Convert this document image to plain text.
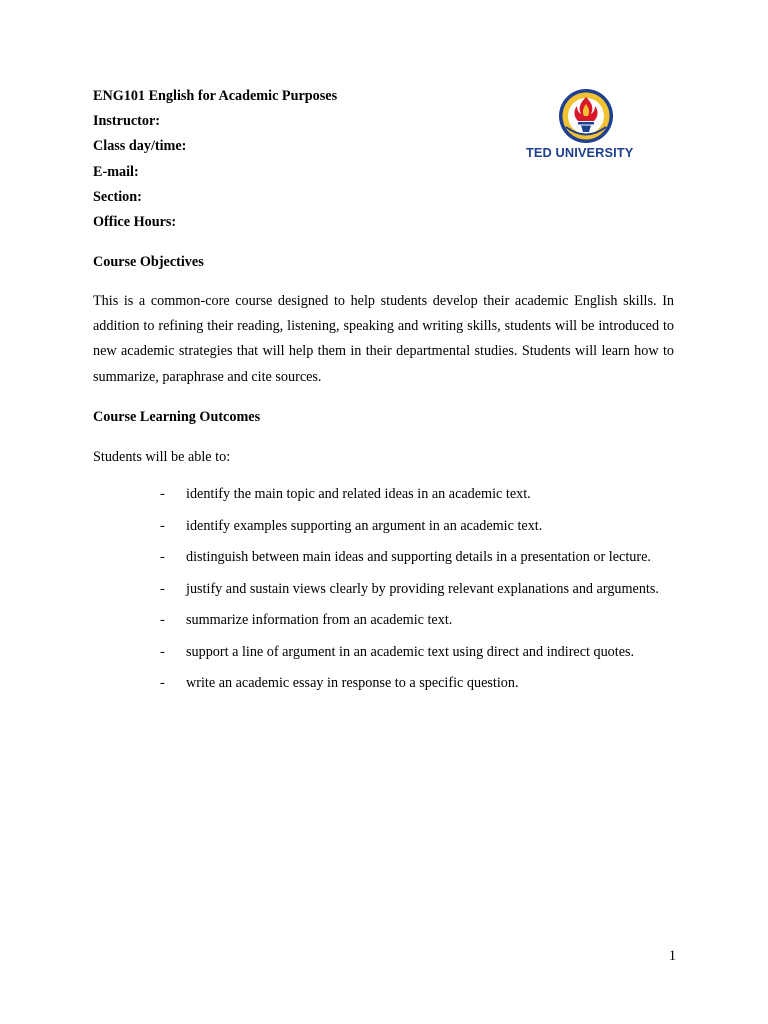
ENG101 English for Academic Purposes
Instructor:
Class day/time:
E-mail:
Section:
Office Hours:
TED UNIVERSITY
Course Objectives
This is a common-core course designed to help students develop their academic English skills. In addition to refining their reading, listening, speaking and writing skills, students will be introduced to new academic strategies that will help them in their departmental studies. Students will learn how to summarize, paraphrase and cite sources.
Course Learning Outcomes
Students will be able to:
- identify the main topic and related ideas in an academic text.
- identify examples supporting an argument in an academic text.
- distinguish between main ideas and supporting details in a presentation or lecture.
- justify and sustain views clearly by providing relevant explanations and arguments.
- summarize information from an academic text.
- support a line of argument in an academic text using direct and indirect quotes.
- write an academic essay in response to a specific question.
1
